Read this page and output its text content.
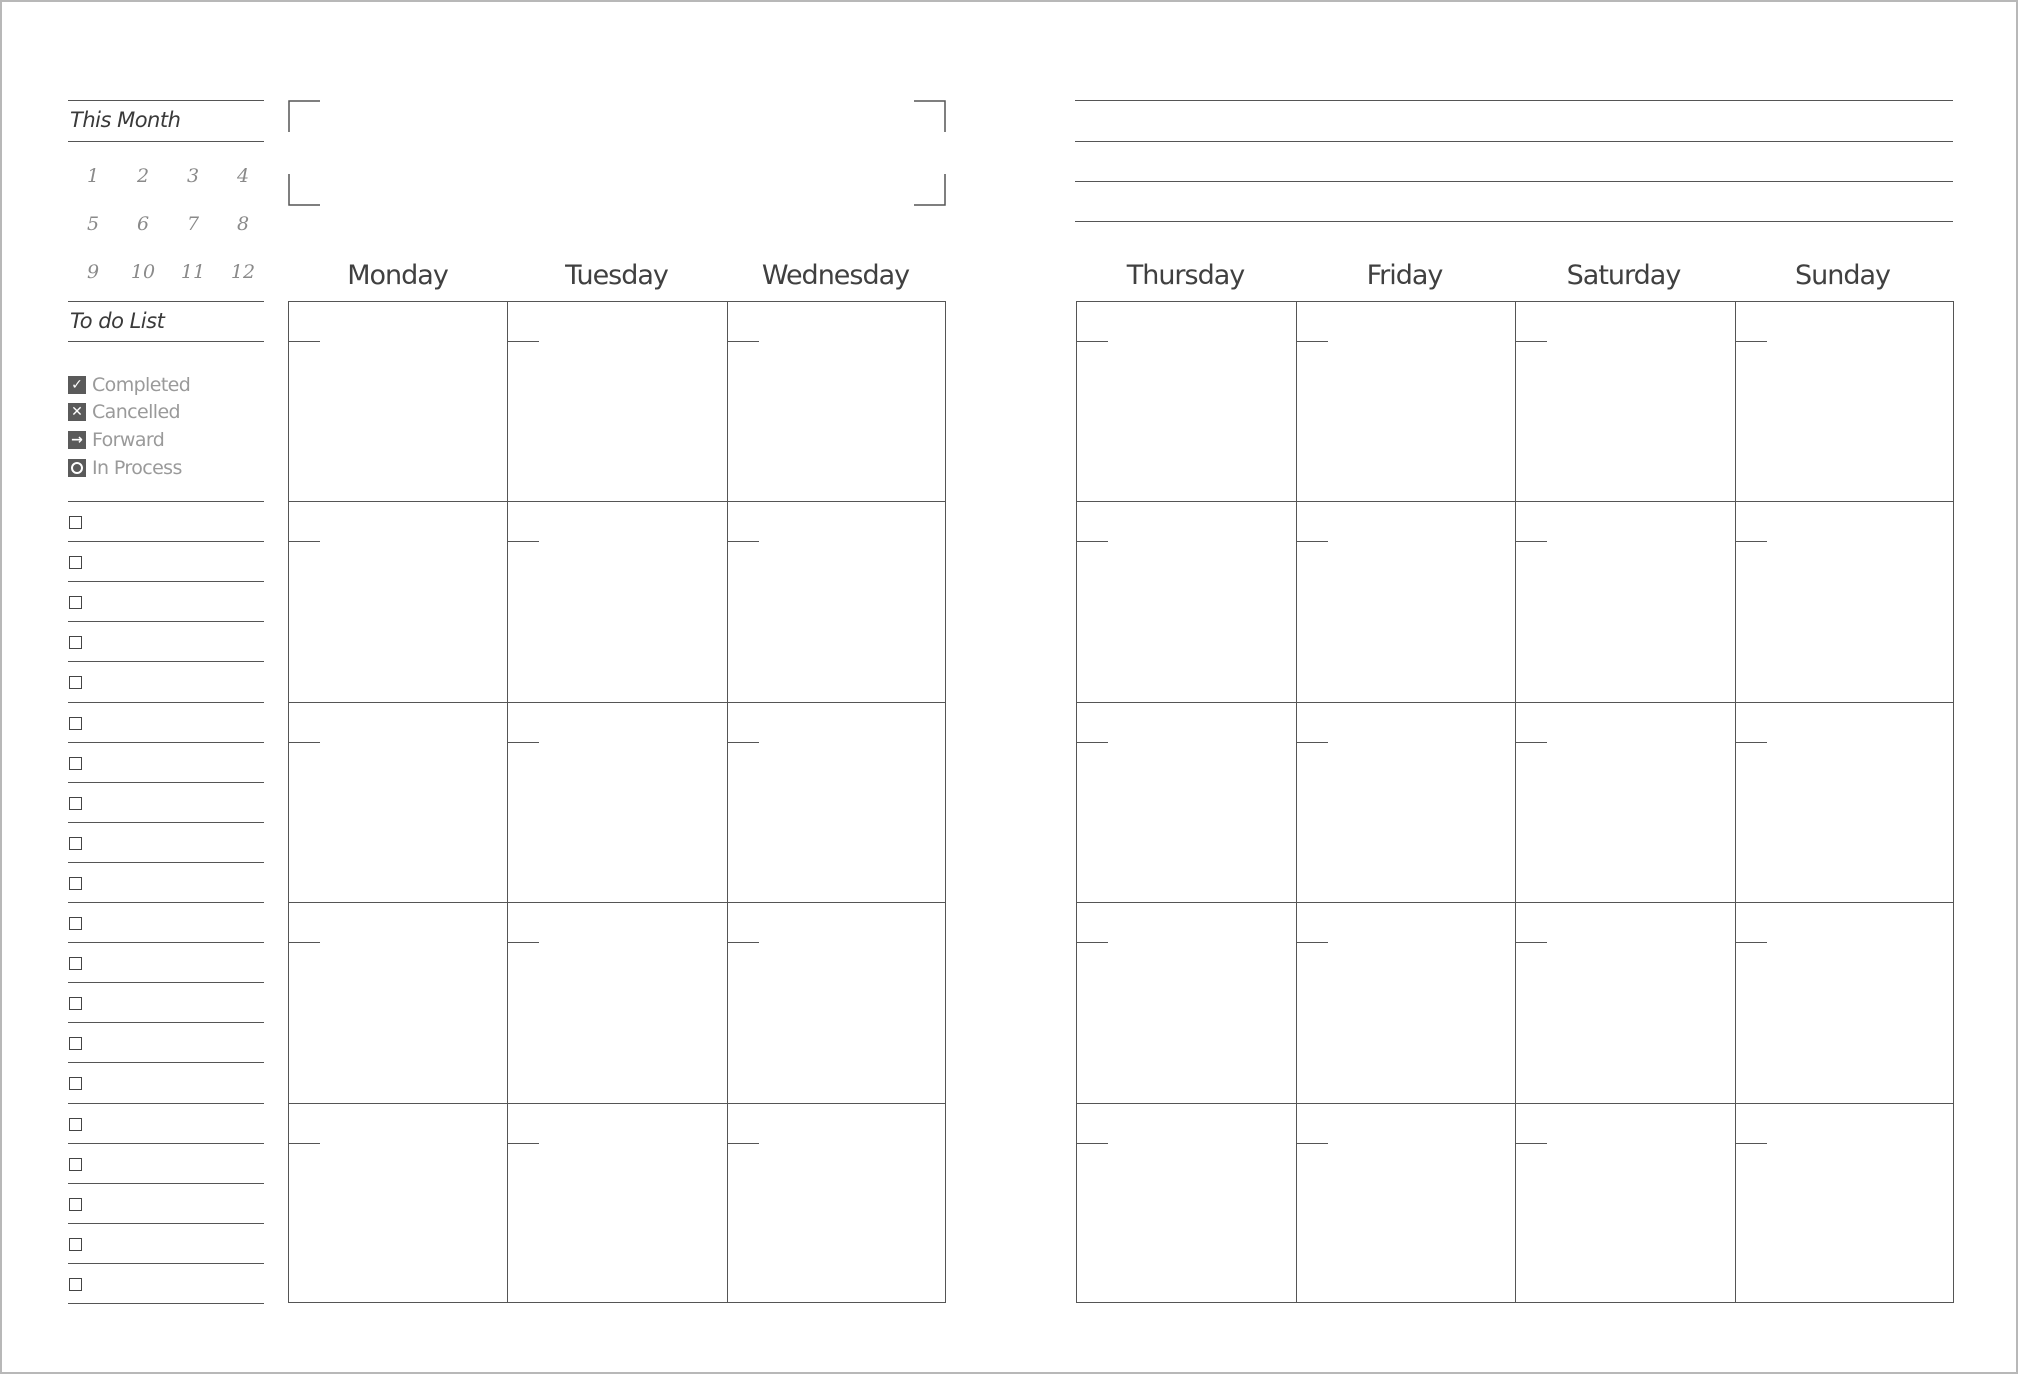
This Month
1	2	3	4
5	6	7	8
9	10	11	12
To do List
✓ Completed
✕ Cancelled
→ Forward
In Process
Monday	Tuesday	Wednesday	Thursday	Friday	Saturday	Sunday
